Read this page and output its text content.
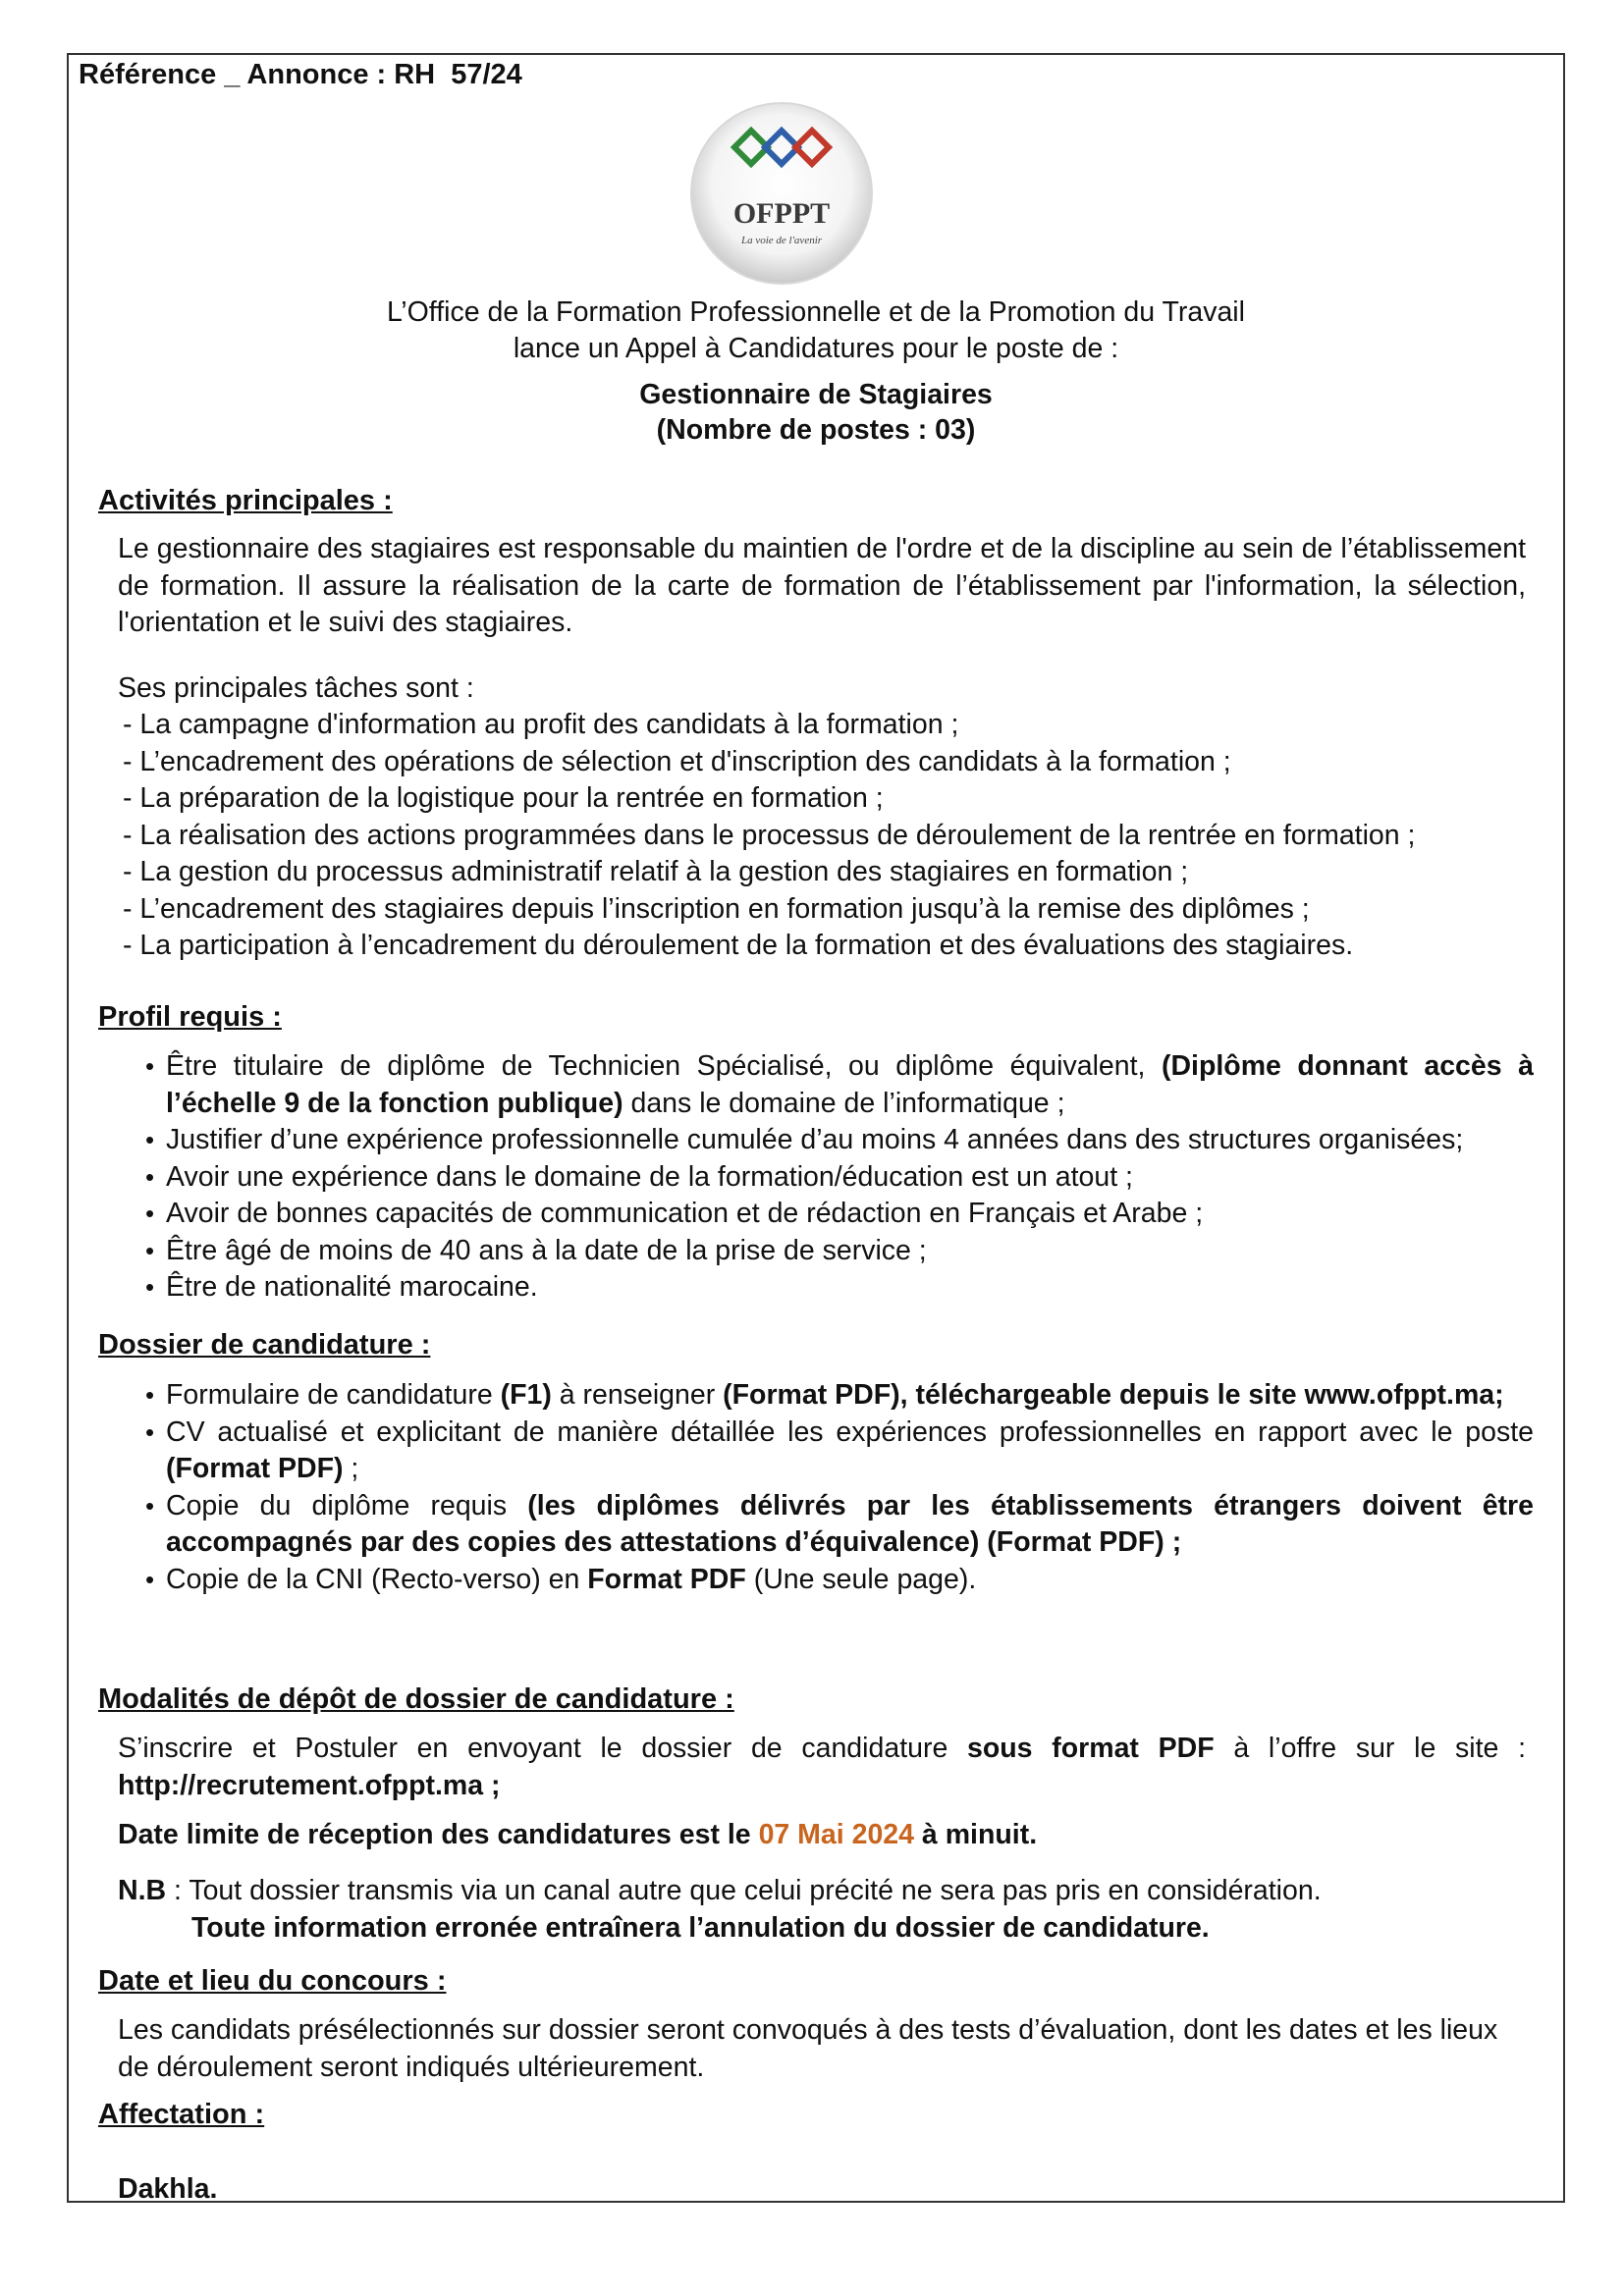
Référence _ Annonce : RH  57/24
OFPPT
La voie de l'avenir
L’Office de la Formation Professionnelle et de la Promotion du Travail
lance un Appel à Candidatures pour le poste de :
Gestionnaire de Stagiaires
(Nombre de postes : 03)
Activités principales :
Le gestionnaire des stagiaires est responsable du maintien de l'ordre et de la discipline au sein de l’établissement de formation. Il assure la réalisation de la carte de formation de l’établissement par l'information, la sélection, l'orientation et le suivi des stagiaires.
Ses principales tâches sont :
- La campagne d'information au profit des candidats à la formation ;
- L’encadrement des opérations de sélection et d'inscription des candidats à la formation ;
- La préparation de la logistique pour la rentrée en formation ;
- La réalisation des actions programmées dans le processus de déroulement de la rentrée en formation ;
- La gestion du processus administratif relatif à la gestion des stagiaires en formation ;
- L’encadrement des stagiaires depuis l’inscription en formation jusqu’à la remise des diplômes ;
- La participation à l’encadrement du déroulement de la formation et des évaluations des stagiaires.
Profil requis :
• Être titulaire de diplôme de Technicien Spécialisé, ou diplôme équivalent, (Diplôme donnant accès à l’échelle 9 de la fonction publique) dans le domaine de l’informatique ;
• Justifier d’une expérience professionnelle cumulée d’au moins 4 années dans des structures organisées;
• Avoir une expérience dans le domaine de la formation/éducation est un atout ;
• Avoir de bonnes capacités de communication et de rédaction en Français et Arabe ;
• Être âgé de moins de 40 ans à la date de la prise de service ;
• Être de nationalité marocaine.
Dossier de candidature :
• Formulaire de candidature (F1) à renseigner (Format PDF), téléchargeable depuis le site www.ofppt.ma;
• CV actualisé et explicitant de manière détaillée les expériences professionnelles en rapport avec le poste (Format PDF) ;
• Copie du diplôme requis (les diplômes délivrés par les établissements étrangers doivent être accompagnés par des copies des attestations d’équivalence) (Format PDF) ;
• Copie de la CNI (Recto-verso) en Format PDF (Une seule page).
Modalités de dépôt de dossier de candidature :
S’inscrire et Postuler en envoyant le dossier de candidature sous format PDF à l’offre sur le site : http://recrutement.ofppt.ma ;
Date limite de réception des candidatures est le 07 Mai 2024 à minuit.
N.B : Tout dossier transmis via un canal autre que celui précité ne sera pas pris en considération.
Toute information erronée entraînera l’annulation du dossier de candidature.
Date et lieu du concours :
Les candidats présélectionnés sur dossier seront convoqués à des tests d’évaluation, dont les dates et les lieux de déroulement seront indiqués ultérieurement.
Affectation :
Dakhla.
